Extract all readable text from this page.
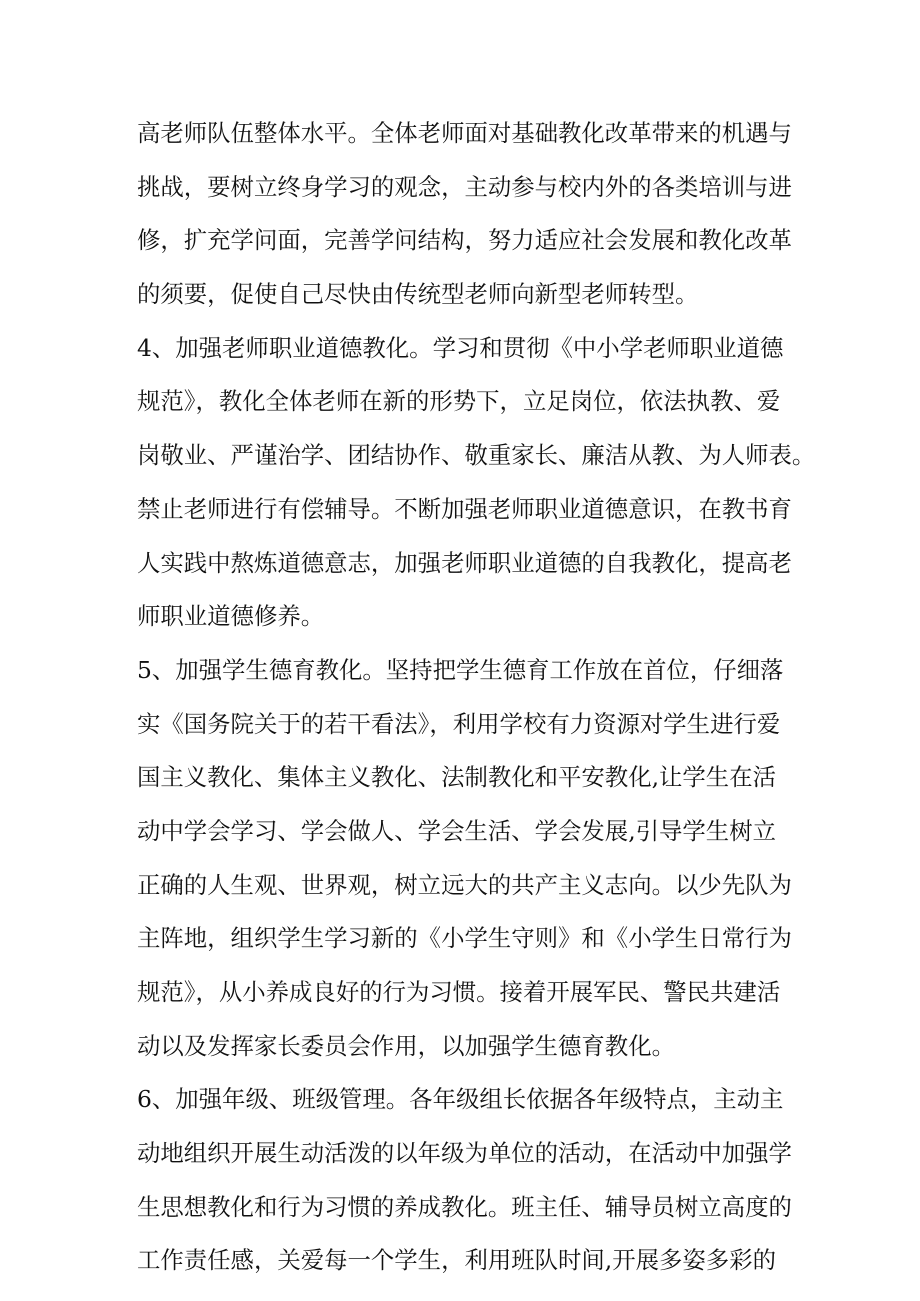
高老师队伍整体水平。全体老师面对基础教化改革带来的机遇与
挑战，要树立终身学习的观念，主动参与校内外的各类培训与进
修，扩充学问面，完善学问结构，努力适应社会发展和教化改革
的须要，促使自己尽快由传统型老师向新型老师转型。
4、加强老师职业道德教化。学习和贯彻《中小学老师职业道德
规范》，教化全体老师在新的形势下，立足岗位，依法执教、爱
岗敬业、严谨治学、团结协作、敬重家长、廉洁从教、为人师表。
禁止老师进行有偿辅导。不断加强老师职业道德意识，在教书育
人实践中熬炼道德意志，加强老师职业道德的自我教化，提高老
师职业道德修养。
5、加强学生德育教化。坚持把学生德育工作放在首位，仔细落
实《国务院关于的若干看法》，利用学校有力资源对学生进行爱
国主义教化、集体主义教化、法制教化和平安教化,让学生在活
动中学会学习、学会做人、学会生活、学会发展,引导学生树立
正确的人生观、世界观，树立远大的共产主义志向。以少先队为
主阵地，组织学生学习新的《小学生守则》和《小学生日常行为
规范》，从小养成良好的行为习惯。接着开展军民、警民共建活
动以及发挥家长委员会作用，以加强学生德育教化。
6、加强年级、班级管理。各年级组长依据各年级特点，主动主
动地组织开展生动活泼的以年级为单位的活动，在活动中加强学
生思想教化和行为习惯的养成教化。班主任、辅导员树立高度的
工作责任感，关爱每一个学生，利用班队时间,开展多姿多彩的
